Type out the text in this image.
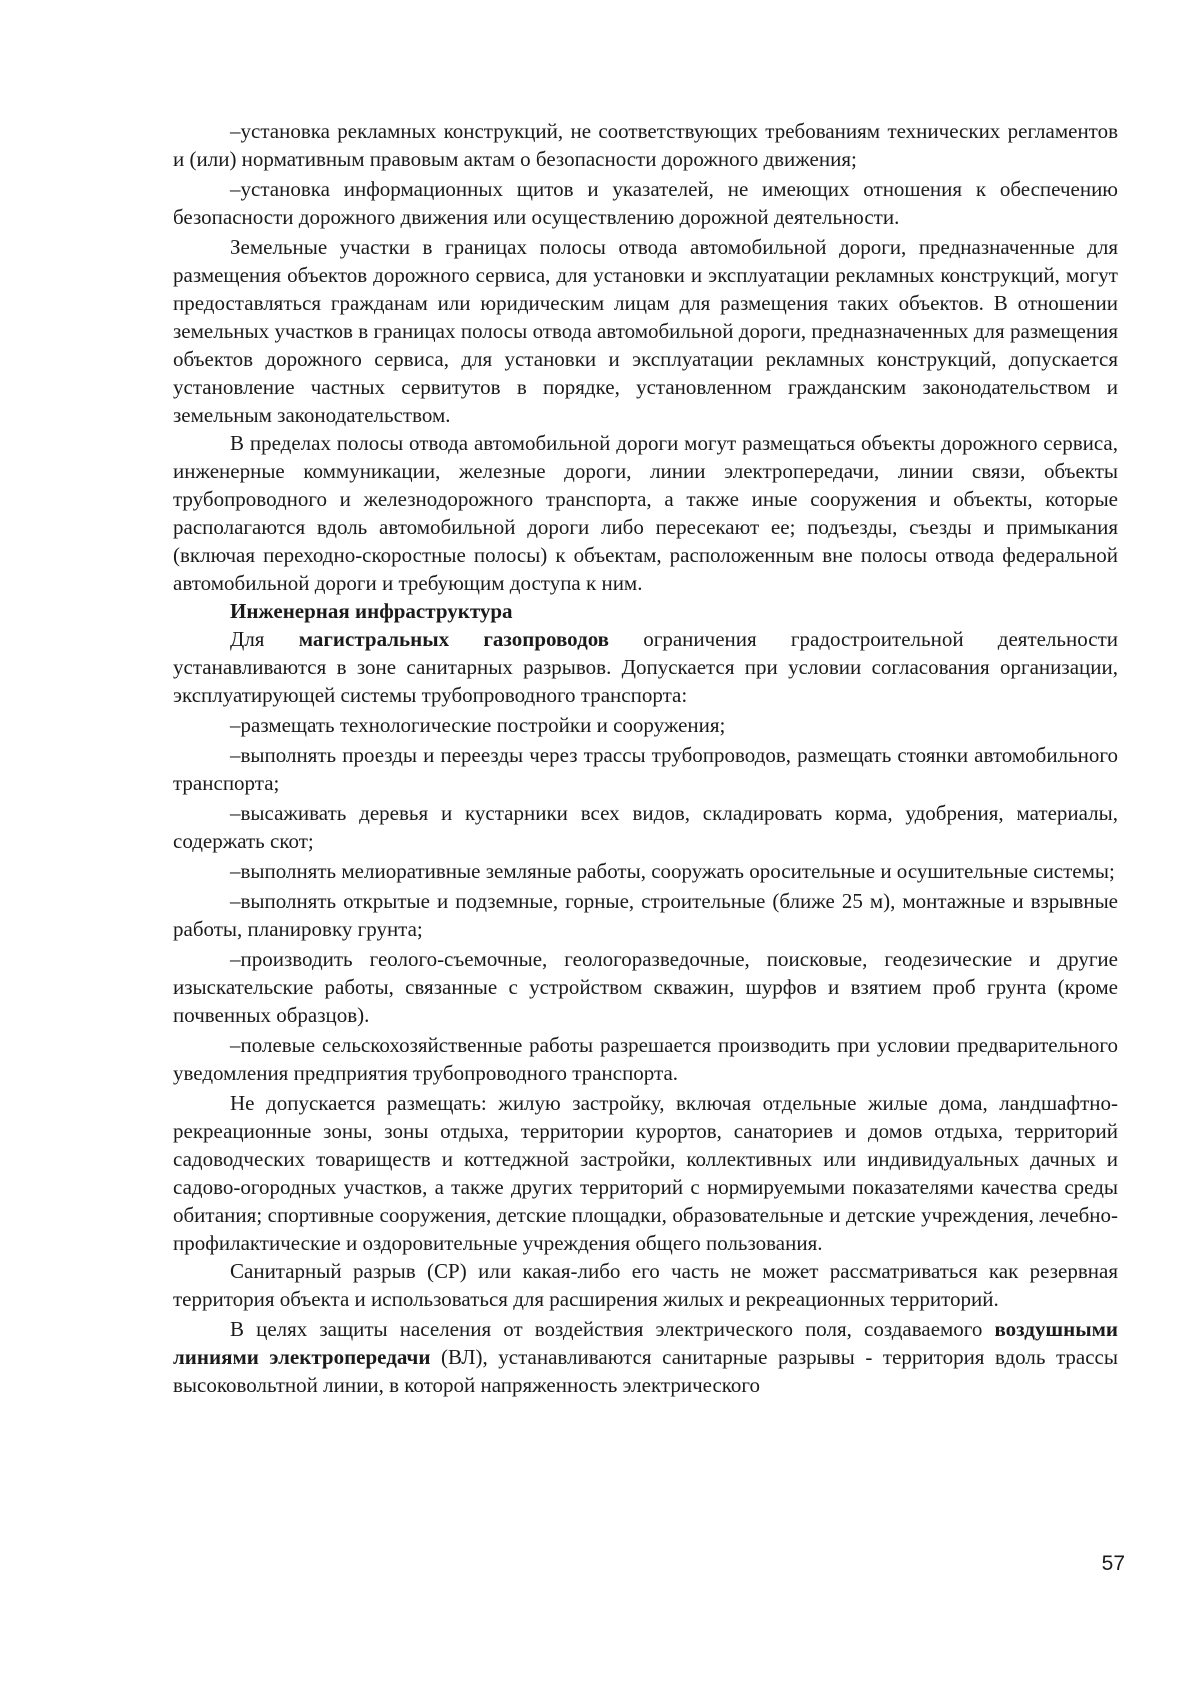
–установка рекламных конструкций, не соответствующих требованиям технических регламентов и (или) нормативным правовым актам о безопасности дорожного движения;

–установка информационных щитов и указателей, не имеющих отношения к обеспечению безопасности дорожного движения или осуществлению дорожной деятельности.

Земельные участки в границах полосы отвода автомобильной дороги, предназначенные для размещения объектов дорожного сервиса, для установки и эксплуатации рекламных конструкций, могут предоставляться гражданам или юридическим лицам для размещения таких объектов. В отношении земельных участков в границах полосы отвода автомобильной дороги, предназначенных для размещения объектов дорожного сервиса, для установки и эксплуатации рекламных конструкций, допускается установление частных сервитутов в порядке, установленном гражданским законодательством и земельным законодательством.

В пределах полосы отвода автомобильной дороги могут размещаться объекты дорожного сервиса, инженерные коммуникации, железные дороги, линии электропередачи, линии связи, объекты трубопроводного и железнодорожного транспорта, а также иные сооружения и объекты, которые располагаются вдоль автомобильной дороги либо пересекают ее; подъезды, съезды и примыкания (включая переходно-скоростные полосы) к объектам, расположенным вне полосы отвода федеральной автомобильной дороги и требующим доступа к ним.

Инженерная инфраструктура

Для магистральных газопроводов ограничения градостроительной деятельности устанавливаются в зоне санитарных разрывов. Допускается при условии согласования организации, эксплуатирующей системы трубопроводного транспорта:

–размещать технологические постройки и сооружения;

–выполнять проезды и переезды через трассы трубопроводов, размещать стоянки автомобильного транспорта;

–высаживать деревья и кустарники всех видов, складировать корма, удобрения, материалы, содержать скот;

–выполнять мелиоративные земляные работы, сооружать оросительные и осушительные системы;

–выполнять открытые и подземные, горные, строительные (ближе 25 м), монтажные и взрывные работы, планировку грунта;

–производить геолого-съемочные, геологоразведочные, поисковые, геодезические и другие изыскательские работы, связанные с устройством скважин, шурфов и взятием проб грунта (кроме почвенных образцов).

–полевые сельскохозяйственные работы разрешается производить при условии предварительного уведомления предприятия трубопроводного транспорта.

Не допускается размещать: жилую застройку, включая отдельные жилые дома, ландшафтно-рекреационные зоны, зоны отдыха, территории курортов, санаториев и домов отдыха, территорий садоводческих товариществ и коттеджной застройки, коллективных или индивидуальных дачных и садово-огородных участков, а также других территорий с нормируемыми показателями качества среды обитания; спортивные сооружения, детские площадки, образовательные и детские учреждения, лечебно-профилактические и оздоровительные учреждения общего пользования.

Санитарный разрыв (СР) или какая-либо его часть не может рассматриваться как резервная территория объекта и использоваться для расширения жилых и рекреационных территорий.

В целях защиты населения от воздействия электрического поля, создаваемого воздушными линиями электропередачи (ВЛ), устанавливаются санитарные разрывы - территория вдоль трассы высоковольтной линии, в которой напряженность электрического

57
